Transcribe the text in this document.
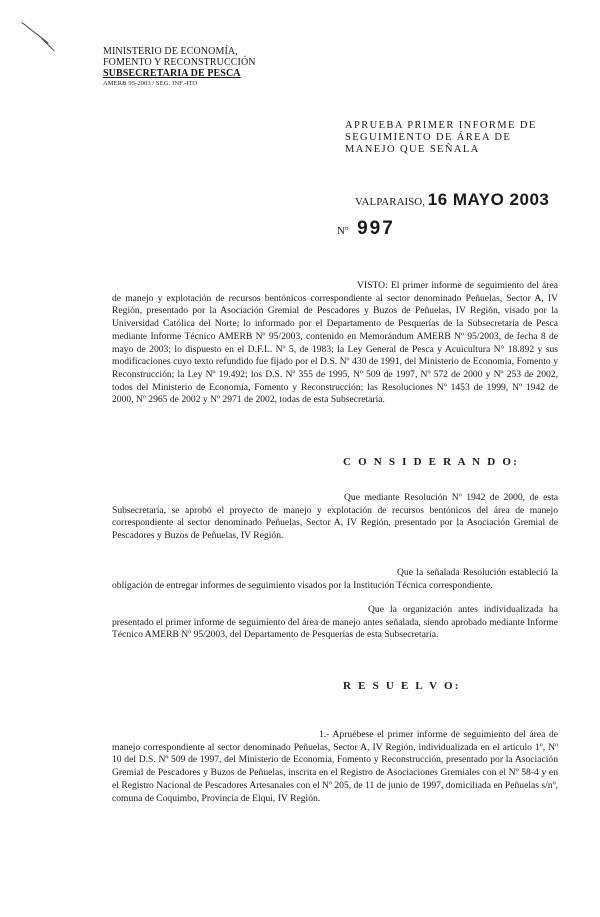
MINISTERIO DE ECONOMÍA,
FOMENTO Y RECONSTRUCCIÓN
SUBSECRETARIA DE PESCA
AMERB 95-2003 / SEG. INF.-ITO
APRUEBA PRIMER INFORME DE SEGUIMIENTO DE ÁREA DE MANEJO QUE SEÑALA
VALPARAISO, 16 MAYO 2003
Nº 997
VISTO: El primer informe de seguimiento del área de manejo y explotación de recursos bentónicos correspondiente al sector denominado Peñuelas, Sector A, IV Región, presentado por la Asociación Gremial de Pescadores y Buzos de Peñuelas, IV Región, visado por la Universidad Católica del Norte; lo informado por el Departamento de Pesquerías de la Subsecretaría de Pesca mediante Informe Técnico AMERB Nº 95/2003, contenido en Memorándum AMERB Nº 95/2003, de fecha 8 de mayo de 2003; lo dispuesto en el D.F.L. Nº 5, de 1983; la Ley General de Pesca y Acuicultura N° 18.892 y sus modificaciones cuyo texto refundido fue fijado por el D.S. Nº 430 de 1991, del Ministerio de Economía, Fomento y Reconstrucción; la Ley Nº 19.492; los D.S. Nº 355 de 1995, Nº 509 de 1997, Nº 572 de 2000 y Nº 253 de 2002, todos del Ministerio de Economía, Fomento y Reconstrucción; las Resoluciones Nº 1453 de 1999, Nº 1942 de 2000, Nº 2965 de 2002 y Nº 2971 de 2002, todas de esta Subsecretaría.
C O N S I D E R A N D O:
Que mediante Resolución Nº 1942 de 2000, de esta Subsecretaría, se aprobó el proyecto de manejo y explotación de recursos bentónicos del área de manejo correspondiente al sector denominado Peñuelas, Sector A, IV Región, presentado por la Asociación Gremial de Pescadores y Buzos de Peñuelas, IV Región.
Que la señalada Resolución estableció la obligación de entregar informes de seguimiento visados por la Institución Técnica correspondiente.
Que la organización antes individualizada ha presentado el primer informe de seguimiento del área de manejo antes señalada, siendo aprobado mediante Informe Técnico AMERB Nº 95/2003, del Departamento de Pesquerías de esta Subsecretaría.
R E S U E L V O:
1.- Apruébese el primer informe de seguimiento del área de manejo correspondiente al sector denominado Peñuelas, Sector A, IV Región, individualizada en el artículo 1º, Nº 10 del D.S. Nº 509 de 1997, del Ministerio de Economía, Fomento y Reconstrucción, presentado por la Asociación Gremial de Pescadores y Buzos de Peñuelas, inscrita en el Registro de Asociaciones Gremiales con el Nº 58-4 y en el Registro Nacional de Pescadores Artesanales con el Nº 205, de 11 de junio de 1997, domiciliada en Peñuelas s/nº, comuna de Coquimbo, Provincia de Elqui, IV Región.
